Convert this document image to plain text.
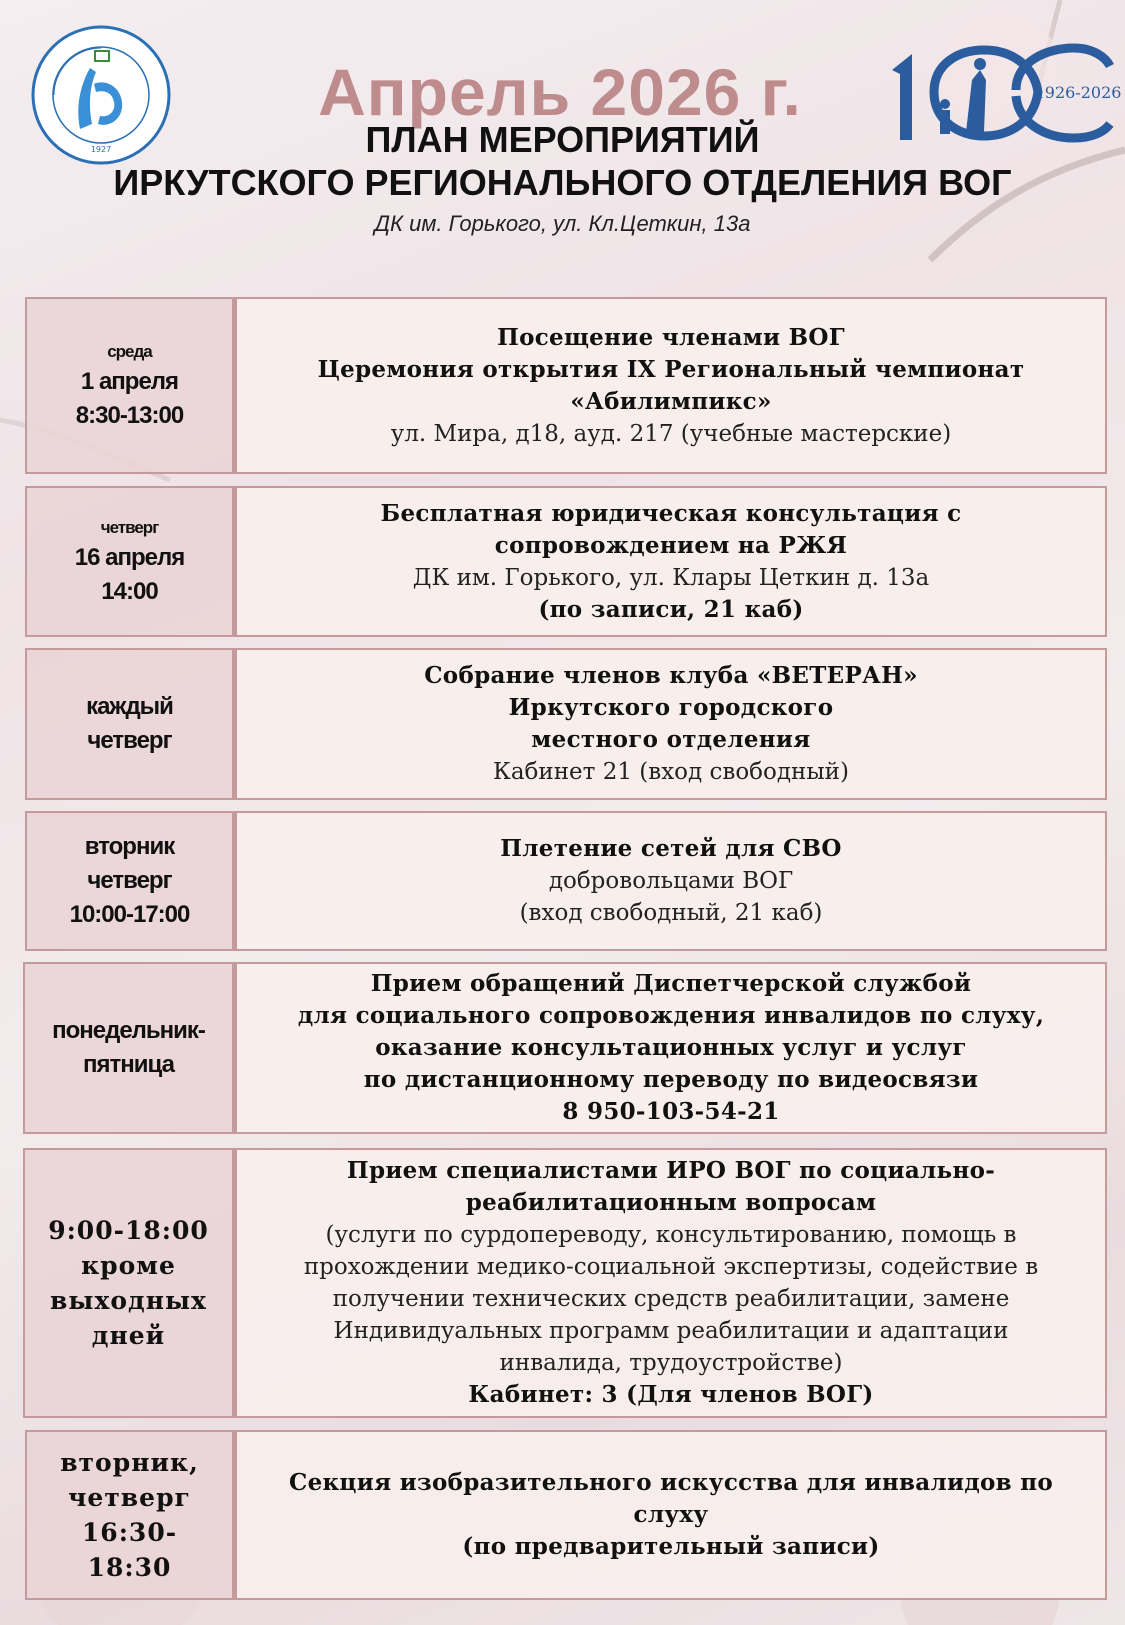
1927
1926-2026
Апрель 2026 г.
ПЛАН МЕРОПРИЯТИЙ
ИРКУТСКОГО РЕГИОНАЛЬНОГО ОТДЕЛЕНИЯ ВОГ
ДК им. Горького, ул. Кл.Цеткин, 13а
среда
1 апреля
8:30-13:00
Посещение членами ВОГ
Церемония открытия IX Региональный чемпионат
«Абилимпикс»
ул. Мира, д18, ауд. 217 (учебные мастерские)
четверг
16 апреля
14:00
Бесплатная юридическая консультация с
сопровождением на РЖЯ
ДК им. Горького, ул. Клары Цеткин д. 13а
(по записи, 21 каб)
каждый
четверг
Собрание членов клуба «ВЕТЕРАН»
Иркутского городского
местного отделения
Кабинет 21 (вход свободный)
вторник
четверг
10:00-17:00
Плетение сетей для СВО
добровольцами ВОГ
(вход свободный, 21 каб)
понедельник-
пятница
Прием обращений Диспетчерской службой
для социального сопровождения инвалидов по слуху,
оказание консультационных услуг и услуг
по дистанционному переводу по видеосвязи
8 950-103-54-21
9:00-18:00
кроме
выходных
дней
Прием специалистами ИРО ВОГ по социально-
реабилитационным вопросам
(услуги по сурдопереводу, консультированию, помощь в
прохождении медико-социальной экспертизы, содействие в
получении технических средств реабилитации, замене
Индивидуальных программ реабилитации и адаптации
инвалида, трудоустройстве)
Кабинет: 3 (Для членов ВОГ)
вторник,
четверг
16:30-
18:30
Секция изобразительного искусства для инвалидов по
слуху
(по предварительный записи)
